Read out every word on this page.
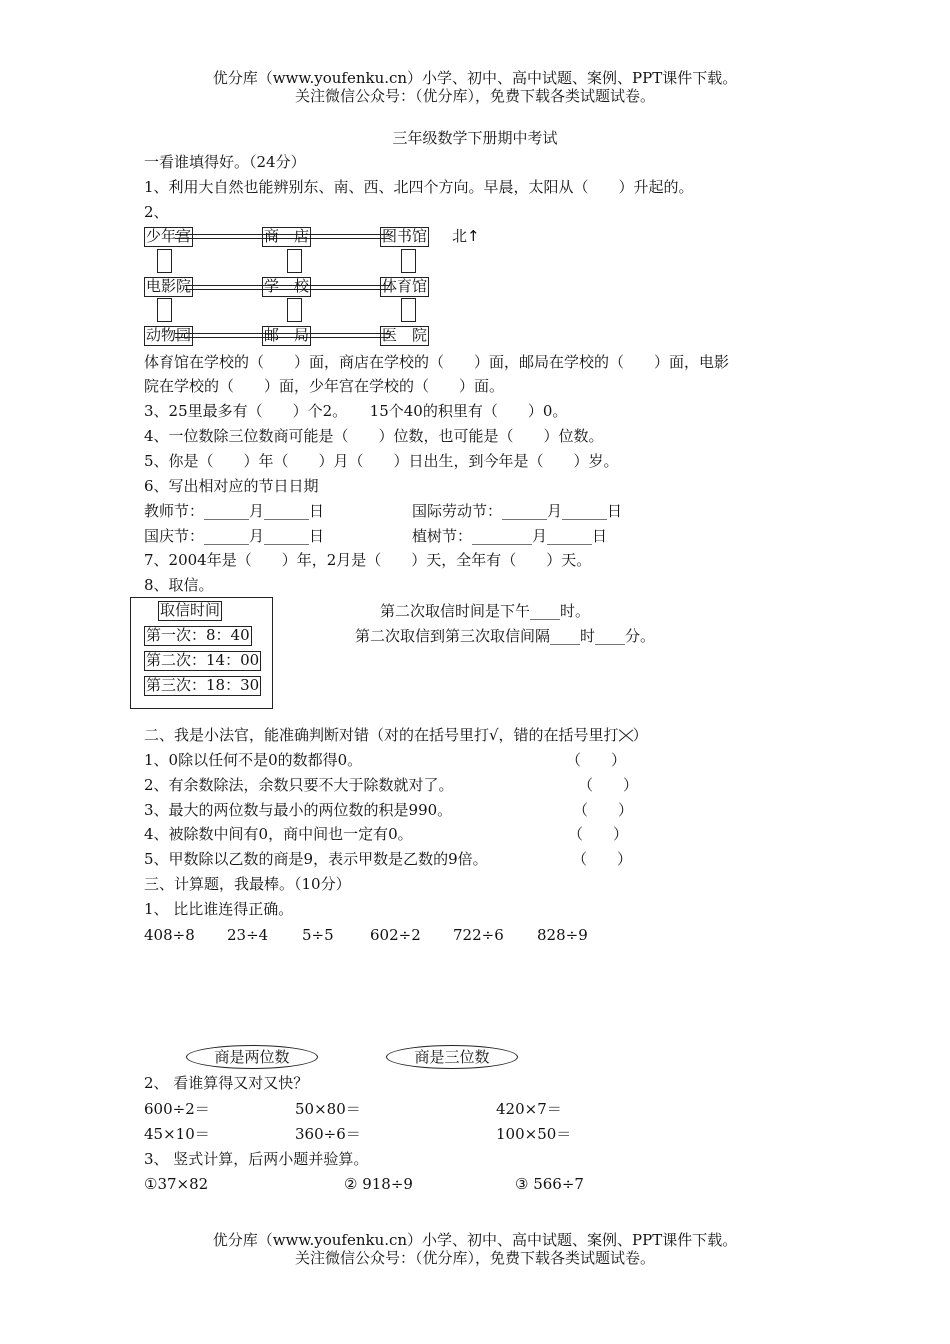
优分库（www.youfenku.cn）小学、初中、高中试题、案例、PPT课件下载。
关注微信公众号：（优分库），免费下载各类试题试卷。
三年级数学下册期中考试
一看谁填得好。（24分）
1、利用大自然也能辨别东、南、西、北四个方向。早晨，太阳从（　　）升起的。
2、
少年宫	商　店	图书馆 北↑
电影院	学　校	体育馆
动物园	邮　局	医　院
体育馆在学校的（　　）面，商店在学校的（　　）面，邮局在学校的（　　）面，电影
院在学校的（　　）面，少年宫在学校的（　　）面。
3、25里最多有（　　）个2。　　15个40的积里有（　　）0。
4、一位数除三位数商可能是（　　）位数，也可能是（　　）位数。
5、你是（　　）年（　　）月（　　）日出生，到今年是（　　）岁。
6、写出相对应的节日日期
教师节：______月______日	国际劳动节：______月______日
国庆节：______月______日	植树节：________月______日
7、2004年是（　　）年，2月是（　　）天，全年有（　　）天。
8、取信。
取信时间
第一次：8：40
第二次：14：00
第三次：18：30
第二次取信时间是下午____时。
第二次取信到第三次取信间隔____时____分。
二、我是小法官，能准确判断对错（对的在括号里打√，错的在括号里打 ）
1、0除以任何不是0的数都得0。	（　　）
2、有余数除法，余数只要不大于除数就对了。	（　　）
3、最大的两位数与最小的两位数的积是990。	（　　）
4、被除数中间有0，商中间也一定有0。	（　　）
5、甲数除以乙数的商是9，表示甲数是乙数的9倍。	（　　）
三、计算题，我最棒。（10分）
1、 比比谁连得正确。
408÷8 23÷4 5÷5 602÷2 722÷6 828÷9
商是两位数	商是三位数
2、 看谁算得又对又快？
600÷2＝	50×80＝	420×7＝
45×10＝	360÷6＝	100×50＝
3、 竖式计算，后两小题并验算。
①37×82	② 918÷9	③ 566÷7
优分库（www.youfenku.cn）小学、初中、高中试题、案例、PPT课件下载。
关注微信公众号：（优分库），免费下载各类试题试卷。
